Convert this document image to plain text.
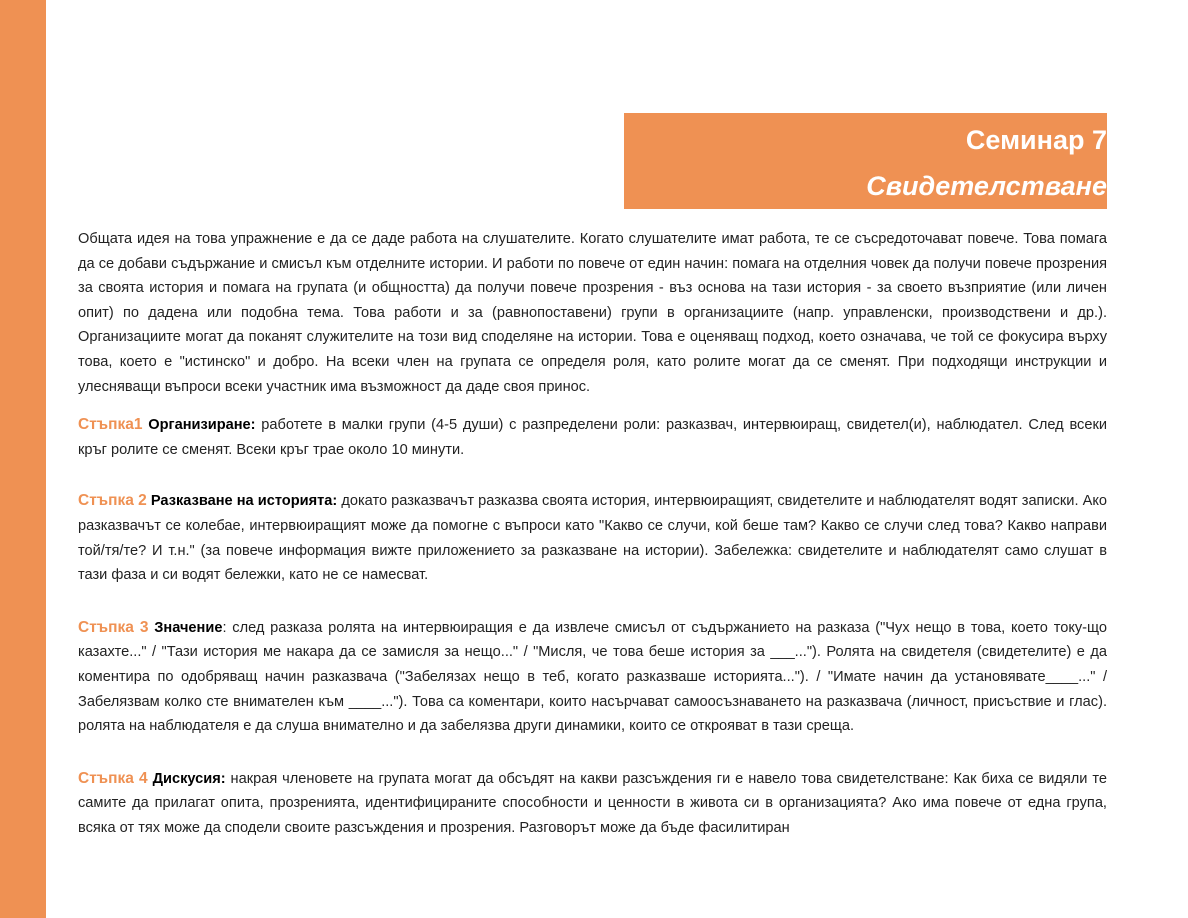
Семинар 7
Свидетелстване

Общата идея на това упражнение е да се даде работа на слушателите. Когато слушателите имат работа, те се съсредоточават повече. Това помага да се добави съдържание и смисъл към отделните истории. И работи по повече от един начин: помага на отделния човек да получи повече прозрения за своята история и помага на групата (и общността) да получи повече прозрения - въз основа на тази история - за своето възприятие (или личен опит) по дадена или подобна тема. Това работи и за (равнопоставени) групи в организациите (напр. управленски, производствени и др.). Организациите могат да поканят служителите на този вид споделяне на истории. Това е оценяващ подход, което означава, че той се фокусира върху това, което е "истинско" и добро. На всеки член на групата се определя роля, като ролите могат да се сменят. При подходящи инструкции и улесняващи въпроси всеки участник има възможност да даде своя принос.

Стъпка1 Организиране: работете в малки групи (4-5 души) с разпределени роли: разказвач, интервюиращ, свидетел(и), наблюдател. След всеки кръг ролите се сменят. Всеки кръг трае около 10 минути.

Стъпка 2 Разказване на историята: докато разказвачът разказва своята история, интервюиращият, свидетелите и наблюдателят водят записки. Ако разказвачът се колебае, интервюиращият може да помогне с въпроси като "Какво се случи, кой беше там? Какво се случи след това? Какво направи той/тя/те? И т.н." (за повече информация вижте приложението за разказване на истории). Забележка: свидетелите и наблюдателят само слушат в тази фаза и си водят бележки, като не се намесват.

Стъпка 3 Значение: след разказа ролята на интервюиращия е да извлече смисъл от съдържанието на разказа ("Чух нещо в това, което току-що казахте..." / "Тази история ме накара да се замисля за нещо..." / "Мисля, че това беше история за ___..."). Ролята на свидетеля (свидетелите) е да коментира по одобряващ начин разказвача ("Забелязах нещо в теб, когато разказваше историята..."). / "Имате начин да установявате____..." / Забелязвам колко сте внимателен към ____..."). Това са коментари, които насърчават самоосъзнаването на разказвача (личност, присъствие и глас). ролята на наблюдателя е да слуша внимателно и да забелязва други динамики, които се открояват в тази среща.

Стъпка 4 Дискусия: накрая членовете на групата могат да обсъдят на какви разсъждения ги е навело това свидетелстване: Как биха се видяли те самите да прилагат опита, прозренията, идентифицираните способности и ценности в живота си в организацията? Ако има повече от една група, всяка от тях може да сподели своите разсъждения и прозрения. Разговорът може да бъде фасилитиран
